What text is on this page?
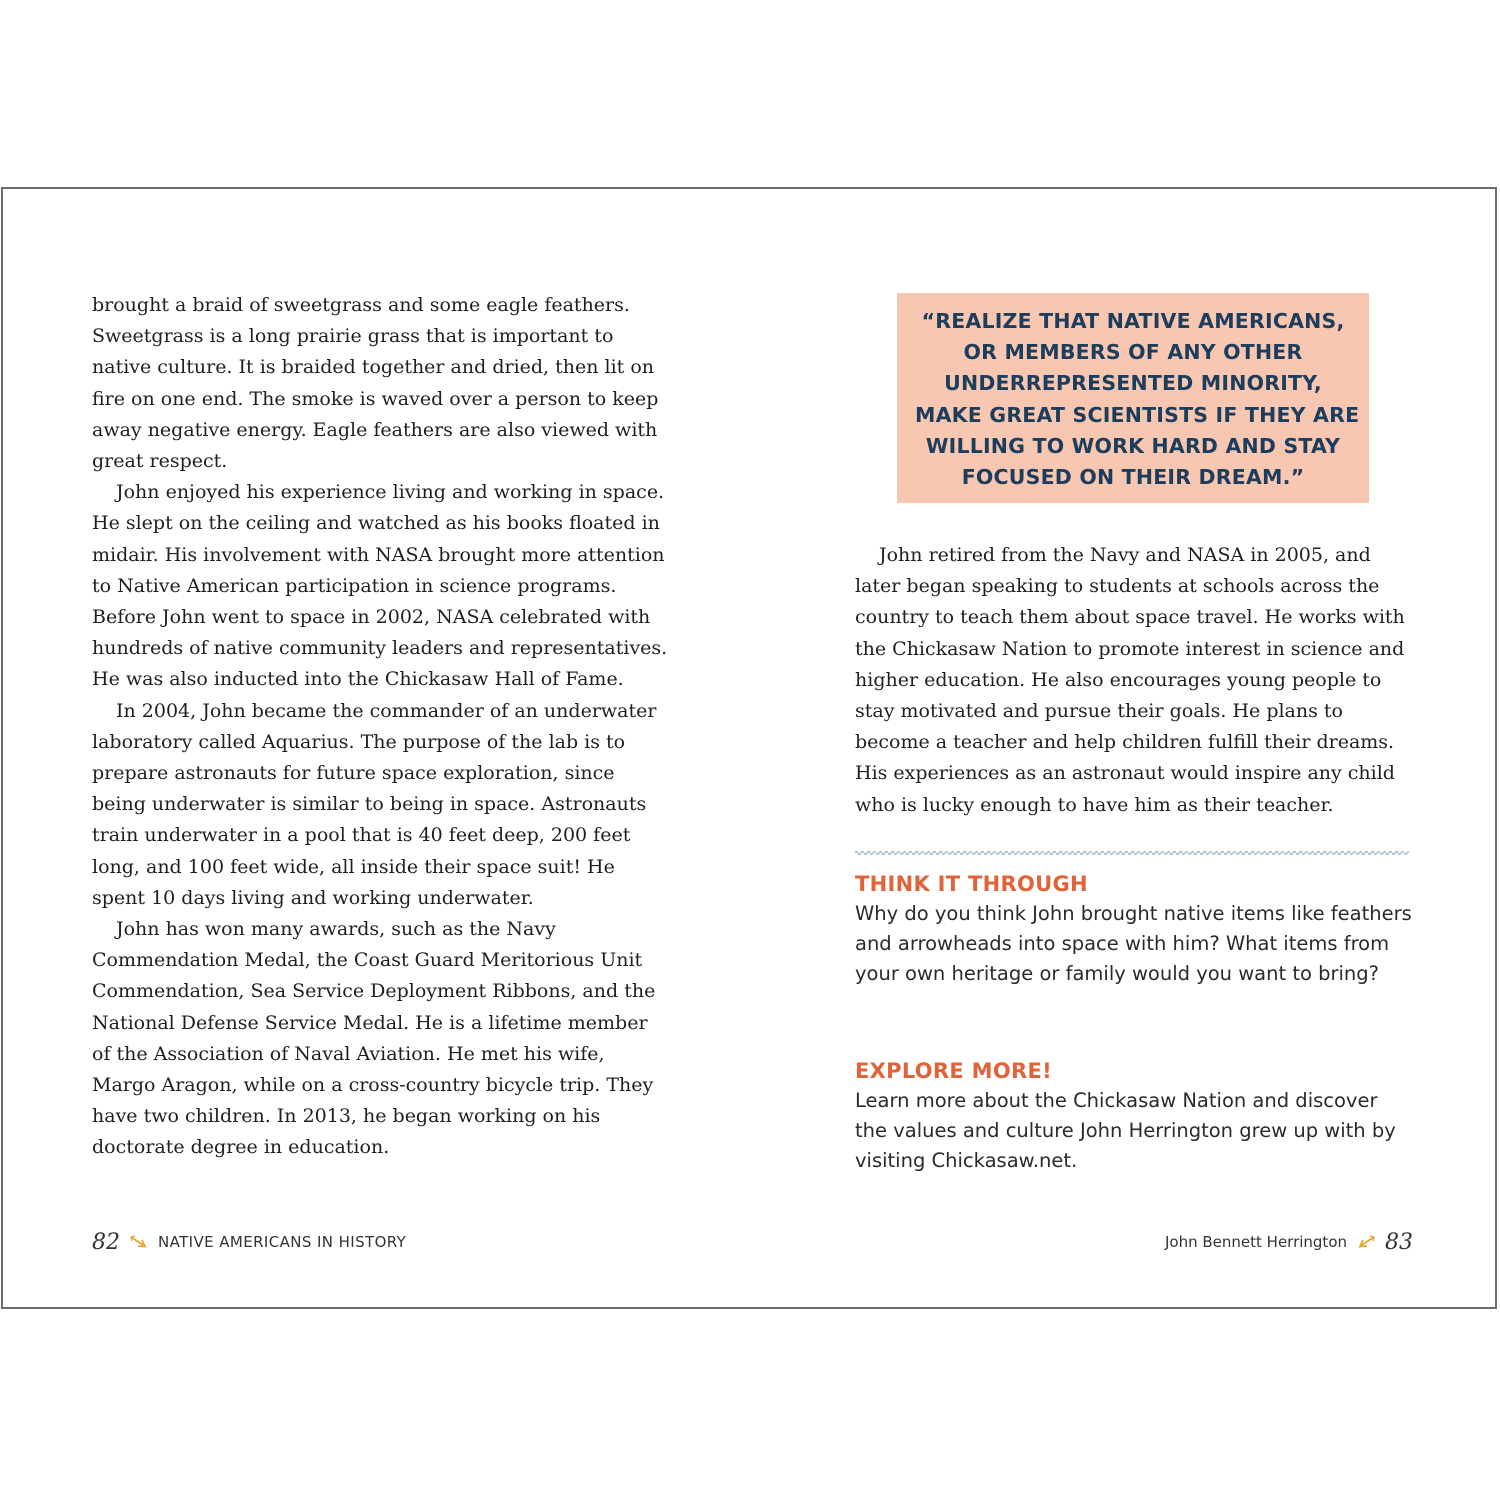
brought a braid of sweetgrass and some eagle feathers. Sweetgrass is a long prairie grass that is important to native culture. It is braided together and dried, then lit on fire on one end. The smoke is waved over a person to keep away negative energy. Eagle feathers are also viewed with great respect.

John enjoyed his experience living and working in space. He slept on the ceiling and watched as his books floated in midair. His involvement with NASA brought more attention to Native American participation in science programs. Before John went to space in 2002, NASA celebrated with hundreds of native community leaders and representatives. He was also inducted into the Chickasaw Hall of Fame.

In 2004, John became the commander of an underwater laboratory called Aquarius. The purpose of the lab is to prepare astronauts for future space exploration, since being underwater is similar to being in space. Astronauts train underwater in a pool that is 40 feet deep, 200 feet long, and 100 feet wide, all inside their space suit! He spent 10 days living and working underwater.

John has won many awards, such as the Navy Commendation Medal, the Coast Guard Meritorious Unit Commendation, Sea Service Deployment Ribbons, and the National Defense Service Medal. He is a lifetime member of the Association of Naval Aviation. He met his wife, Margo Aragon, while on a cross-country bicycle trip. They have two children. In 2013, he began working on his doctorate degree in education.

82	NATIVE AMERICANS IN HISTORY
“REALIZE THAT NATIVE AMERICANS,
OR MEMBERS OF ANY OTHER
UNDERREPRESENTED MINORITY,
MAKE GREAT SCIENTISTS IF THEY ARE
WILLING TO WORK HARD AND STAY
FOCUSED ON THEIR DREAM.”

John retired from the Navy and NASA in 2005, and later began speaking to students at schools across the country to teach them about space travel. He works with the Chickasaw Nation to promote interest in science and higher education. He also encourages young people to stay motivated and pursue their goals. He plans to become a teacher and help children fulfill their dreams. His experiences as an astronaut would inspire any child who is lucky enough to have him as their teacher.

THINK IT THROUGH

Why do you think John brought native items like feathers and arrowheads into space with him? What items from your own heritage or family would you want to bring?

EXPLORE MORE!

Learn more about the Chickasaw Nation and discover the values and culture John Herrington grew up with by visiting Chickasaw.net.

John Bennett Herrington 83
